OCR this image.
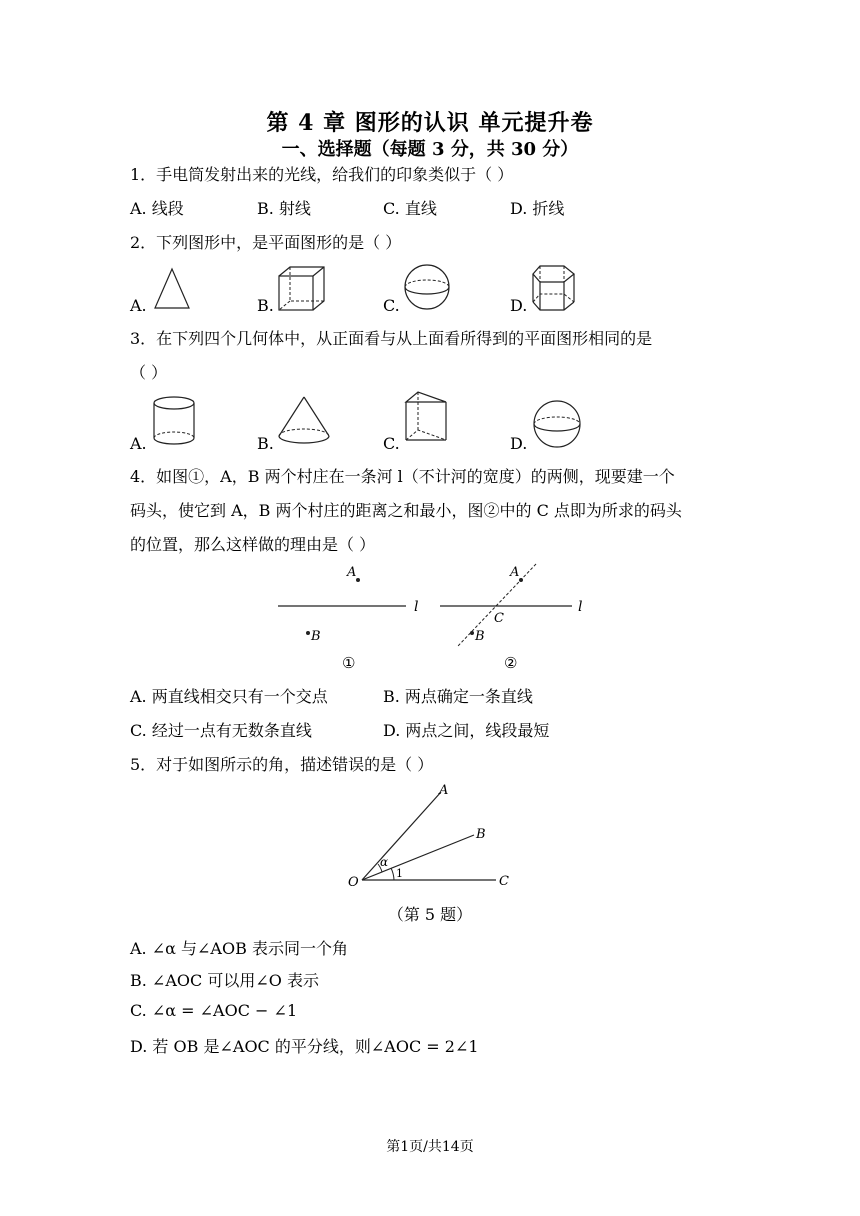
第 4 章 图形的认识 单元提升卷
一、选择题（每题 3 分，共 30 分）
1．手电筒发射出来的光线，给我们的印象类似于（ ）
A. 线段	B. 射线	C. 直线	D. 折线
2．下列图形中，是平面图形的是（ ）
A.	B.	C.	D.
3．在下列四个几何体中，从正面看与从上面看所得到的平面图形相同的是
（ ）
A.	B.	C.	D.
4．如图①，A，B 两个村庄在一条河 l（不计河的宽度）的两侧，现要建一个
码头，使它到 A，B 两个村庄的距离之和最小，图②中的 C 点即为所求的码头
的位置，那么这样做的理由是（ ）
A
B
l
①
A
B
C
l
②
A. 两直线相交只有一个交点	B. 两点确定一条直线
C. 经过一点有无数条直线	D. 两点之间，线段最短
5．对于如图所示的角，描述错误的是（ ）
A
B
C
O
α
1
（第 5 题）
A. ∠α 与∠AOB 表示同一个角
B. ∠AOC 可以用∠O 表示
C. ∠α = ∠AOC − ∠1
D. 若 OB 是∠AOC 的平分线，则∠AOC = 2∠1
第1页/共14页
